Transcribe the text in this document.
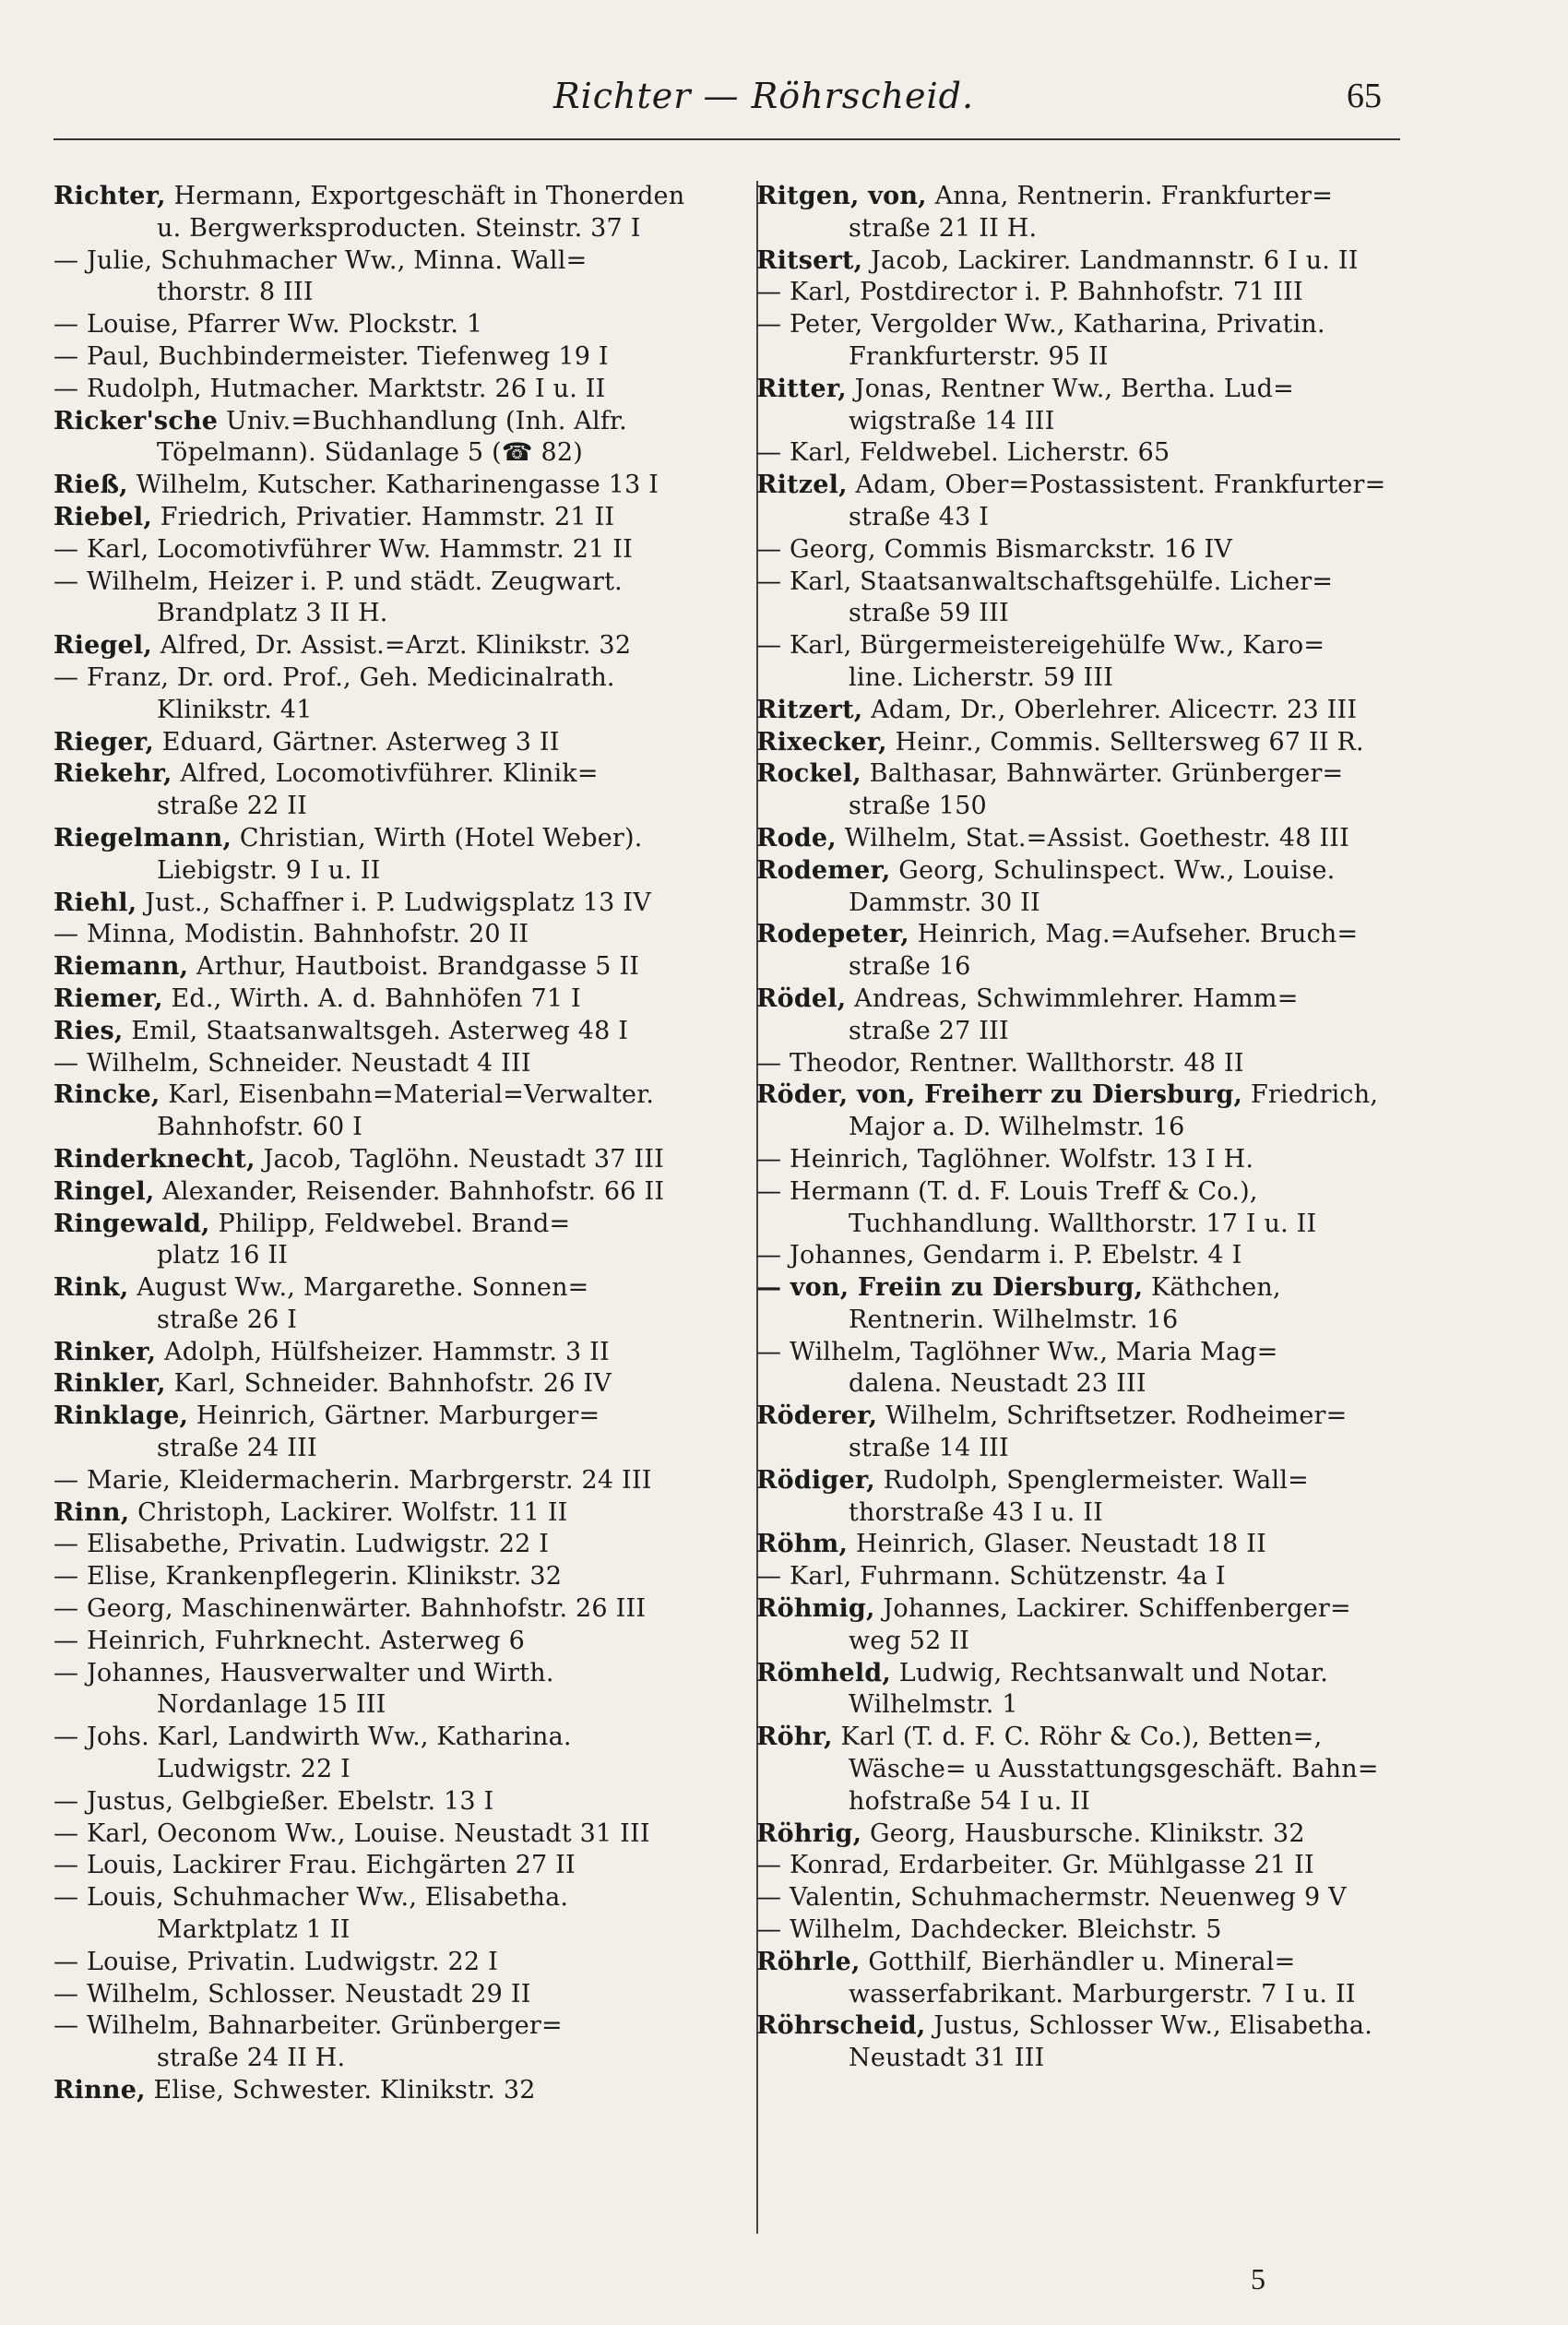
Richter — Röhrscheid.	65
Richter, Hermann, Exportgeschäft in Thonerden
u. Bergwerksproducten. Steinstr. 37 I
— Julie, Schuhmacher Ww., Minna. Wall=
thorstr. 8 III
— Louise, Pfarrer Ww. Plockstr. 1
— Paul, Buchbindermeister. Tiefenweg 19 I
— Rudolph, Hutmacher. Marktstr. 26 I u. II
Ricker'sche Univ.=Buchhandlung (Inh. Alfr.
Töpelmann). Südanlage 5 (☎ 82)
Rieß, Wilhelm, Kutscher. Katharinengasse 13 I
Riebel, Friedrich, Privatier. Hammstr. 21 II
— Karl, Locomotivführer Ww. Hammstr. 21 II
— Wilhelm, Heizer i. P. und städt. Zeugwart.
Brandplatz 3 II H.
Riegel, Alfred, Dr. Assist.=Arzt. Klinikstr. 32
— Franz, Dr. ord. Prof., Geh. Medicinalrath.
Klinikstr. 41
Rieger, Eduard, Gärtner. Asterweg 3 II
Riekehr, Alfred, Locomotivführer. Klinik=
straße 22 II
Riegelmann, Christian, Wirth (Hotel Weber).
Liebigstr. 9 I u. II
Riehl, Just., Schaffner i. P. Ludwigsplatz 13 IV
— Minna, Modistin. Bahnhofstr. 20 II
Riemann, Arthur, Hautboist. Brandgasse 5 II
Riemer, Ed., Wirth. A. d. Bahnhöfen 71 I
Ries, Emil, Staatsanwaltsgeh. Asterweg 48 I
— Wilhelm, Schneider. Neustadt 4 III
Rincke, Karl, Eisenbahn=Material=Verwalter.
Bahnhofstr. 60 I
Rinderknecht, Jacob, Taglöhn. Neustadt 37 III
Ringel, Alexander, Reisender. Bahnhofstr. 66 II
Ringewald, Philipp, Feldwebel. Brand=
platz 16 II
Rink, August Ww., Margarethe. Sonnen=
straße 26 I
Rinker, Adolph, Hülfsheizer. Hammstr. 3 II
Rinkler, Karl, Schneider. Bahnhofstr. 26 IV
Rinklage, Heinrich, Gärtner. Marburger=
straße 24 III
— Marie, Kleidermacherin. Marbrgerstr. 24 III
Rinn, Christoph, Lackirer. Wolfstr. 11 II
— Elisabethe, Privatin. Ludwigstr. 22 I
— Elise, Krankenpflegerin. Klinikstr. 32
— Georg, Maschinenwärter. Bahnhofstr. 26 III
— Heinrich, Fuhrknecht. Asterweg 6
— Johannes, Hausverwalter und Wirth.
Nordanlage 15 III
— Johs. Karl, Landwirth Ww., Katharina.
Ludwigstr. 22 I
— Justus, Gelbgießer. Ebelstr. 13 I
— Karl, Oeconom Ww., Louise. Neustadt 31 III
— Louis, Lackirer Frau. Eichgärten 27 II
— Louis, Schuhmacher Ww., Elisabetha.
Marktplatz 1 II
— Louise, Privatin. Ludwigstr. 22 I
— Wilhelm, Schlosser. Neustadt 29 II
— Wilhelm, Bahnarbeiter. Grünberger=
straße 24 II H.
Rinne, Elise, Schwester. Klinikstr. 32
Ritgen, von, Anna, Rentnerin. Frankfurter=
straße 21 II H.
Ritsert, Jacob, Lackirer. Landmannstr. 6 I u. II
— Karl, Postdirector i. P. Bahnhofstr. 71 III
— Peter, Vergolder Ww., Katharina, Privatin.
Frankfurterstr. 95 II
Ritter, Jonas, Rentner Ww., Bertha. Lud=
wigstraße 14 III
— Karl, Feldwebel. Licherstr. 65
Ritzel, Adam, Ober=Postassistent. Frankfurter=
straße 43 I
— Georg, Commis Bismarckstr. 16 IV
— Karl, Staatsanwaltschaftsgehülfe. Licher=
straße 59 III
— Karl, Bürgermeistereigehülfe Ww., Karo=
line. Licherstr. 59 III
Ritzert, Adam, Dr., Oberlehrer. Aliceстr. 23 III
Rixecker, Heinr., Commis. Selltersweg 67 II R.
Rockel, Balthasar, Bahnwärter. Grünberger=
straße 150
Rode, Wilhelm, Stat.=Assist. Goethestr. 48 III
Rodemer, Georg, Schulinspect. Ww., Louise.
Dammstr. 30 II
Rodepeter, Heinrich, Mag.=Aufseher. Bruch=
straße 16
Rödel, Andreas, Schwimmlehrer. Hamm=
straße 27 III
— Theodor, Rentner. Wallthorstr. 48 II
Röder, von, Freiherr zu Diersburg, Friedrich,
Major a. D. Wilhelmstr. 16
— Heinrich, Taglöhner. Wolfstr. 13 I H.
— Hermann (T. d. F. Louis Treff & Co.),
Tuchhandlung. Wallthorstr. 17 I u. II
— Johannes, Gendarm i. P. Ebelstr. 4 I
— von, Freiin zu Diersburg, Käthchen,
Rentnerin. Wilhelmstr. 16
— Wilhelm, Taglöhner Ww., Maria Mag=
dalena. Neustadt 23 III
Röderer, Wilhelm, Schriftsetzer. Rodheimer=
straße 14 III
Rödiger, Rudolph, Spenglermeister. Wall=
thorstraße 43 I u. II
Röhm, Heinrich, Glaser. Neustadt 18 II
— Karl, Fuhrmann. Schützenstr. 4a I
Röhmig, Johannes, Lackirer. Schiffenberger=
weg 52 II
Römheld, Ludwig, Rechtsanwalt und Notar.
Wilhelmstr. 1
Röhr, Karl (T. d. F. C. Röhr & Co.), Betten=,
Wäsche= u Ausstattungsgeschäft. Bahn=
hofstraße 54 I u. II
Röhrig, Georg, Hausbursche. Klinikstr. 32
— Konrad, Erdarbeiter. Gr. Mühlgasse 21 II
— Valentin, Schuhmachermstr. Neuenweg 9 V
— Wilhelm, Dachdecker. Bleichstr. 5
Röhrle, Gotthilf, Bierhändler u. Mineral=
wasserfabrikant. Marburgerstr. 7 I u. II
Röhrscheid, Justus, Schlosser Ww., Elisabetha.
Neustadt 31 III
5
